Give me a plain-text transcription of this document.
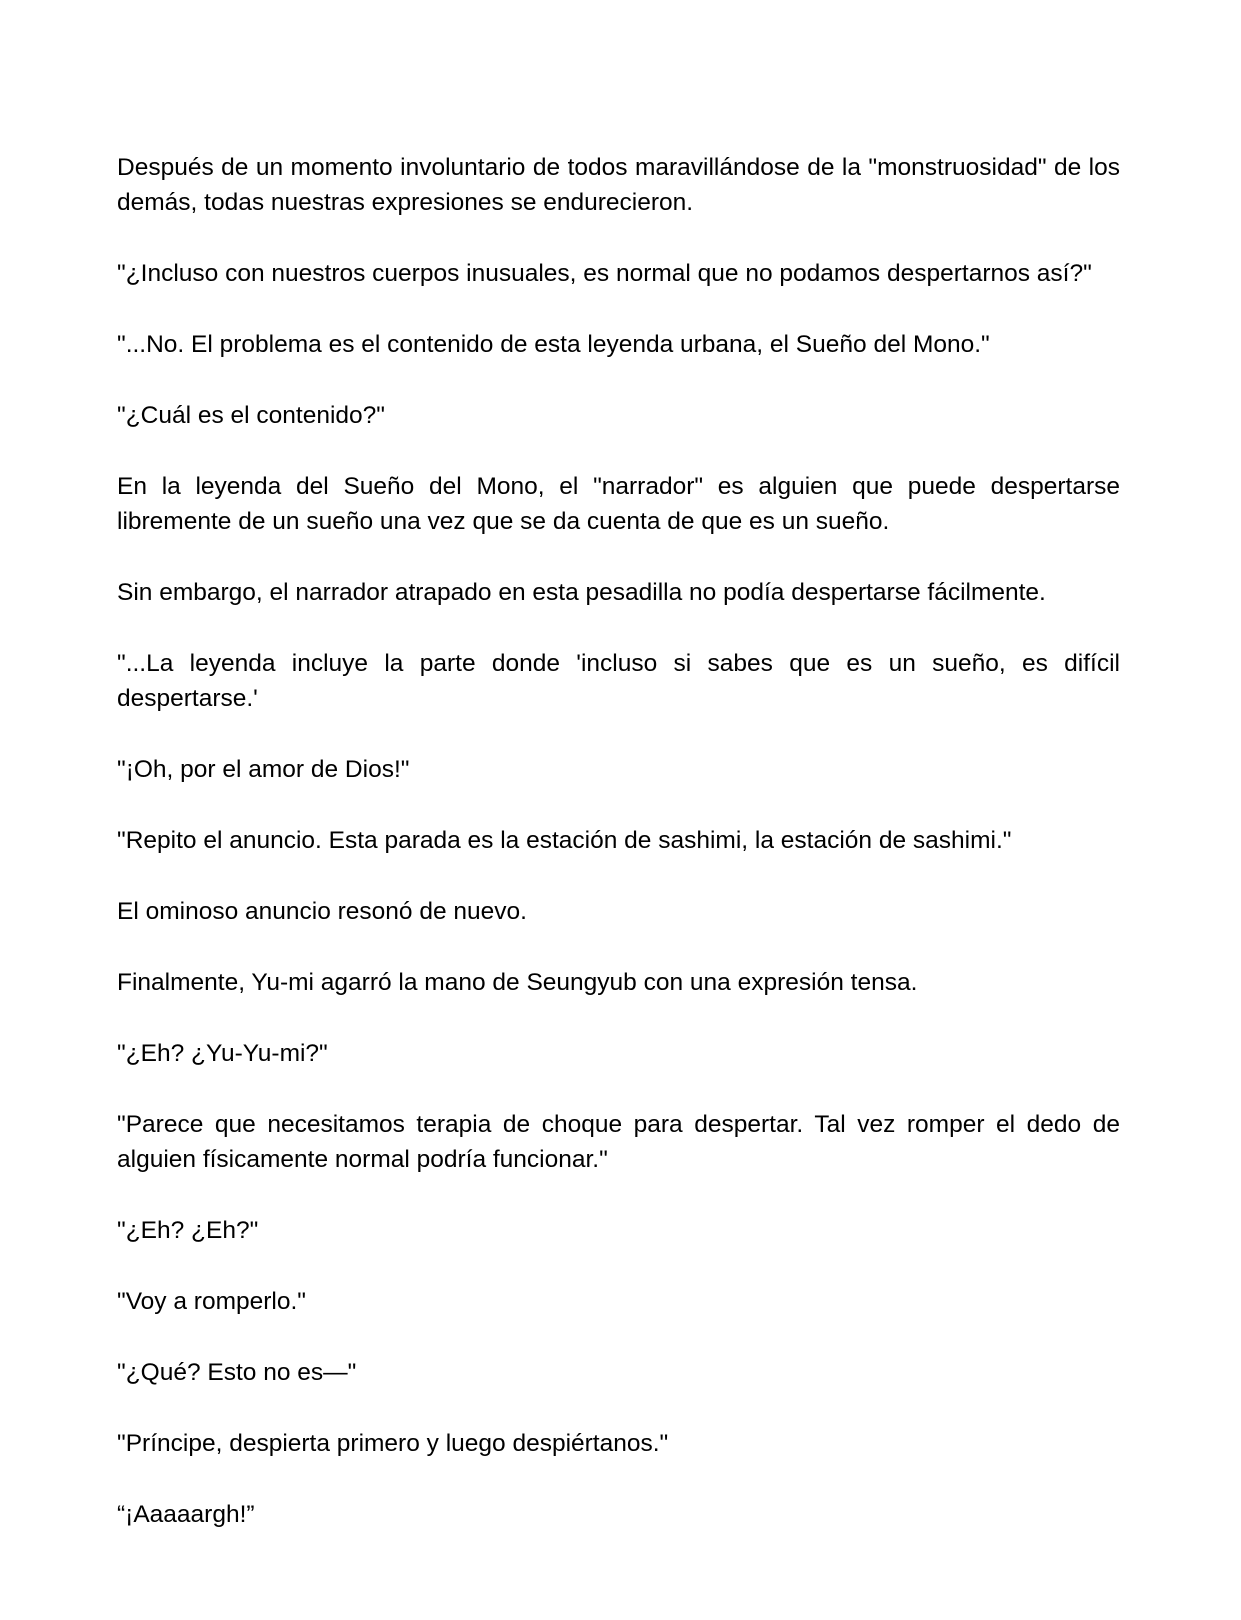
Después de un momento involuntario de todos maravillándose de la "monstruosidad" de los demás, todas nuestras expresiones se endurecieron.

"¿Incluso con nuestros cuerpos inusuales, es normal que no podamos despertarnos así?"

"...No. El problema es el contenido de esta leyenda urbana, el Sueño del Mono."

"¿Cuál es el contenido?"

En la leyenda del Sueño del Mono, el "narrador" es alguien que puede despertarse libremente de un sueño una vez que se da cuenta de que es un sueño.

Sin embargo, el narrador atrapado en esta pesadilla no podía despertarse fácilmente.

"...La leyenda incluye la parte donde 'incluso si sabes que es un sueño, es difícil despertarse.'

"¡Oh, por el amor de Dios!"

"Repito el anuncio. Esta parada es la estación de sashimi, la estación de sashimi."

El ominoso anuncio resonó de nuevo.

Finalmente, Yu-mi agarró la mano de Seungyub con una expresión tensa.

"¿Eh? ¿Yu-Yu-mi?"

"Parece que necesitamos terapia de choque para despertar. Tal vez romper el dedo de alguien físicamente normal podría funcionar."

"¿Eh? ¿Eh?"

"Voy a romperlo."

"¿Qué? Esto no es—"

"Príncipe, despierta primero y luego despiértanos."

“¡Aaaaargh!”
